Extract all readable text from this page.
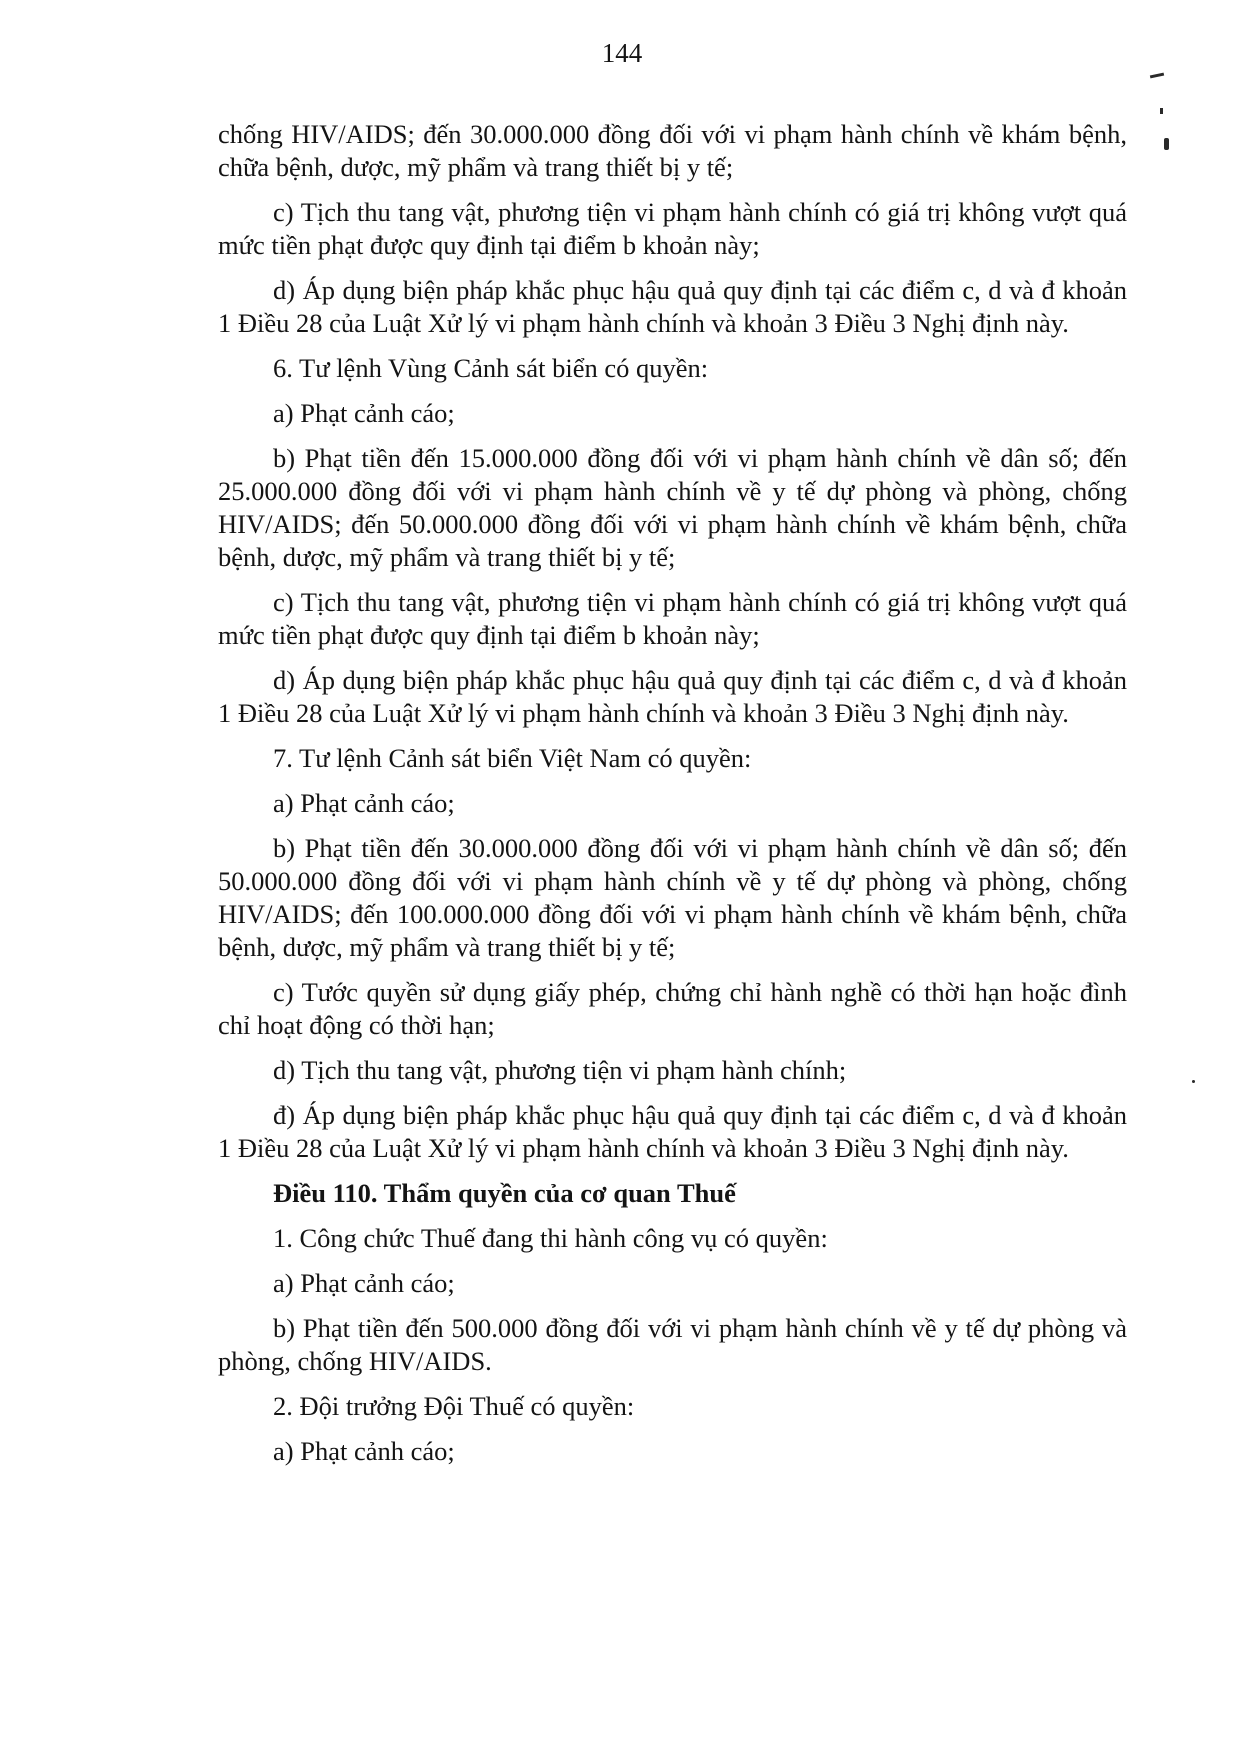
144

chống HIV/AIDS; đến 30.000.000 đồng đối với vi phạm hành chính về khám bệnh, chữa bệnh, dược, mỹ phẩm và trang thiết bị y tế;

c) Tịch thu tang vật, phương tiện vi phạm hành chính có giá trị không vượt quá mức tiền phạt được quy định tại điểm b khoản này;

d) Áp dụng biện pháp khắc phục hậu quả quy định tại các điểm c, d và đ khoản 1 Điều 28 của Luật Xử lý vi phạm hành chính và khoản 3 Điều 3 Nghị định này.

6. Tư lệnh Vùng Cảnh sát biển có quyền:

a) Phạt cảnh cáo;

b) Phạt tiền đến 15.000.000 đồng đối với vi phạm hành chính về dân số; đến 25.000.000 đồng đối với vi phạm hành chính về y tế dự phòng và phòng, chống HIV/AIDS; đến 50.000.000 đồng đối với vi phạm hành chính về khám bệnh, chữa bệnh, dược, mỹ phẩm và trang thiết bị y tế;

c) Tịch thu tang vật, phương tiện vi phạm hành chính có giá trị không vượt quá mức tiền phạt được quy định tại điểm b khoản này;

d) Áp dụng biện pháp khắc phục hậu quả quy định tại các điểm c, d và đ khoản 1 Điều 28 của Luật Xử lý vi phạm hành chính và khoản 3 Điều 3 Nghị định này.

7. Tư lệnh Cảnh sát biển Việt Nam có quyền:

a) Phạt cảnh cáo;

b) Phạt tiền đến 30.000.000 đồng đối với vi phạm hành chính về dân số; đến 50.000.000 đồng đối với vi phạm hành chính về y tế dự phòng và phòng, chống HIV/AIDS; đến 100.000.000 đồng đối với vi phạm hành chính về khám bệnh, chữa bệnh, dược, mỹ phẩm và trang thiết bị y tế;

c) Tước quyền sử dụng giấy phép, chứng chỉ hành nghề có thời hạn hoặc đình chỉ hoạt động có thời hạn;

d) Tịch thu tang vật, phương tiện vi phạm hành chính;

đ) Áp dụng biện pháp khắc phục hậu quả quy định tại các điểm c, d và đ khoản 1 Điều 28 của Luật Xử lý vi phạm hành chính và khoản 3 Điều 3 Nghị định này.

Điều 110. Thẩm quyền của cơ quan Thuế

1. Công chức Thuế đang thi hành công vụ có quyền:

a) Phạt cảnh cáo;

b) Phạt tiền đến 500.000 đồng đối với vi phạm hành chính về y tế dự phòng và phòng, chống HIV/AIDS.

2. Đội trưởng Đội Thuế có quyền:

a) Phạt cảnh cáo;
